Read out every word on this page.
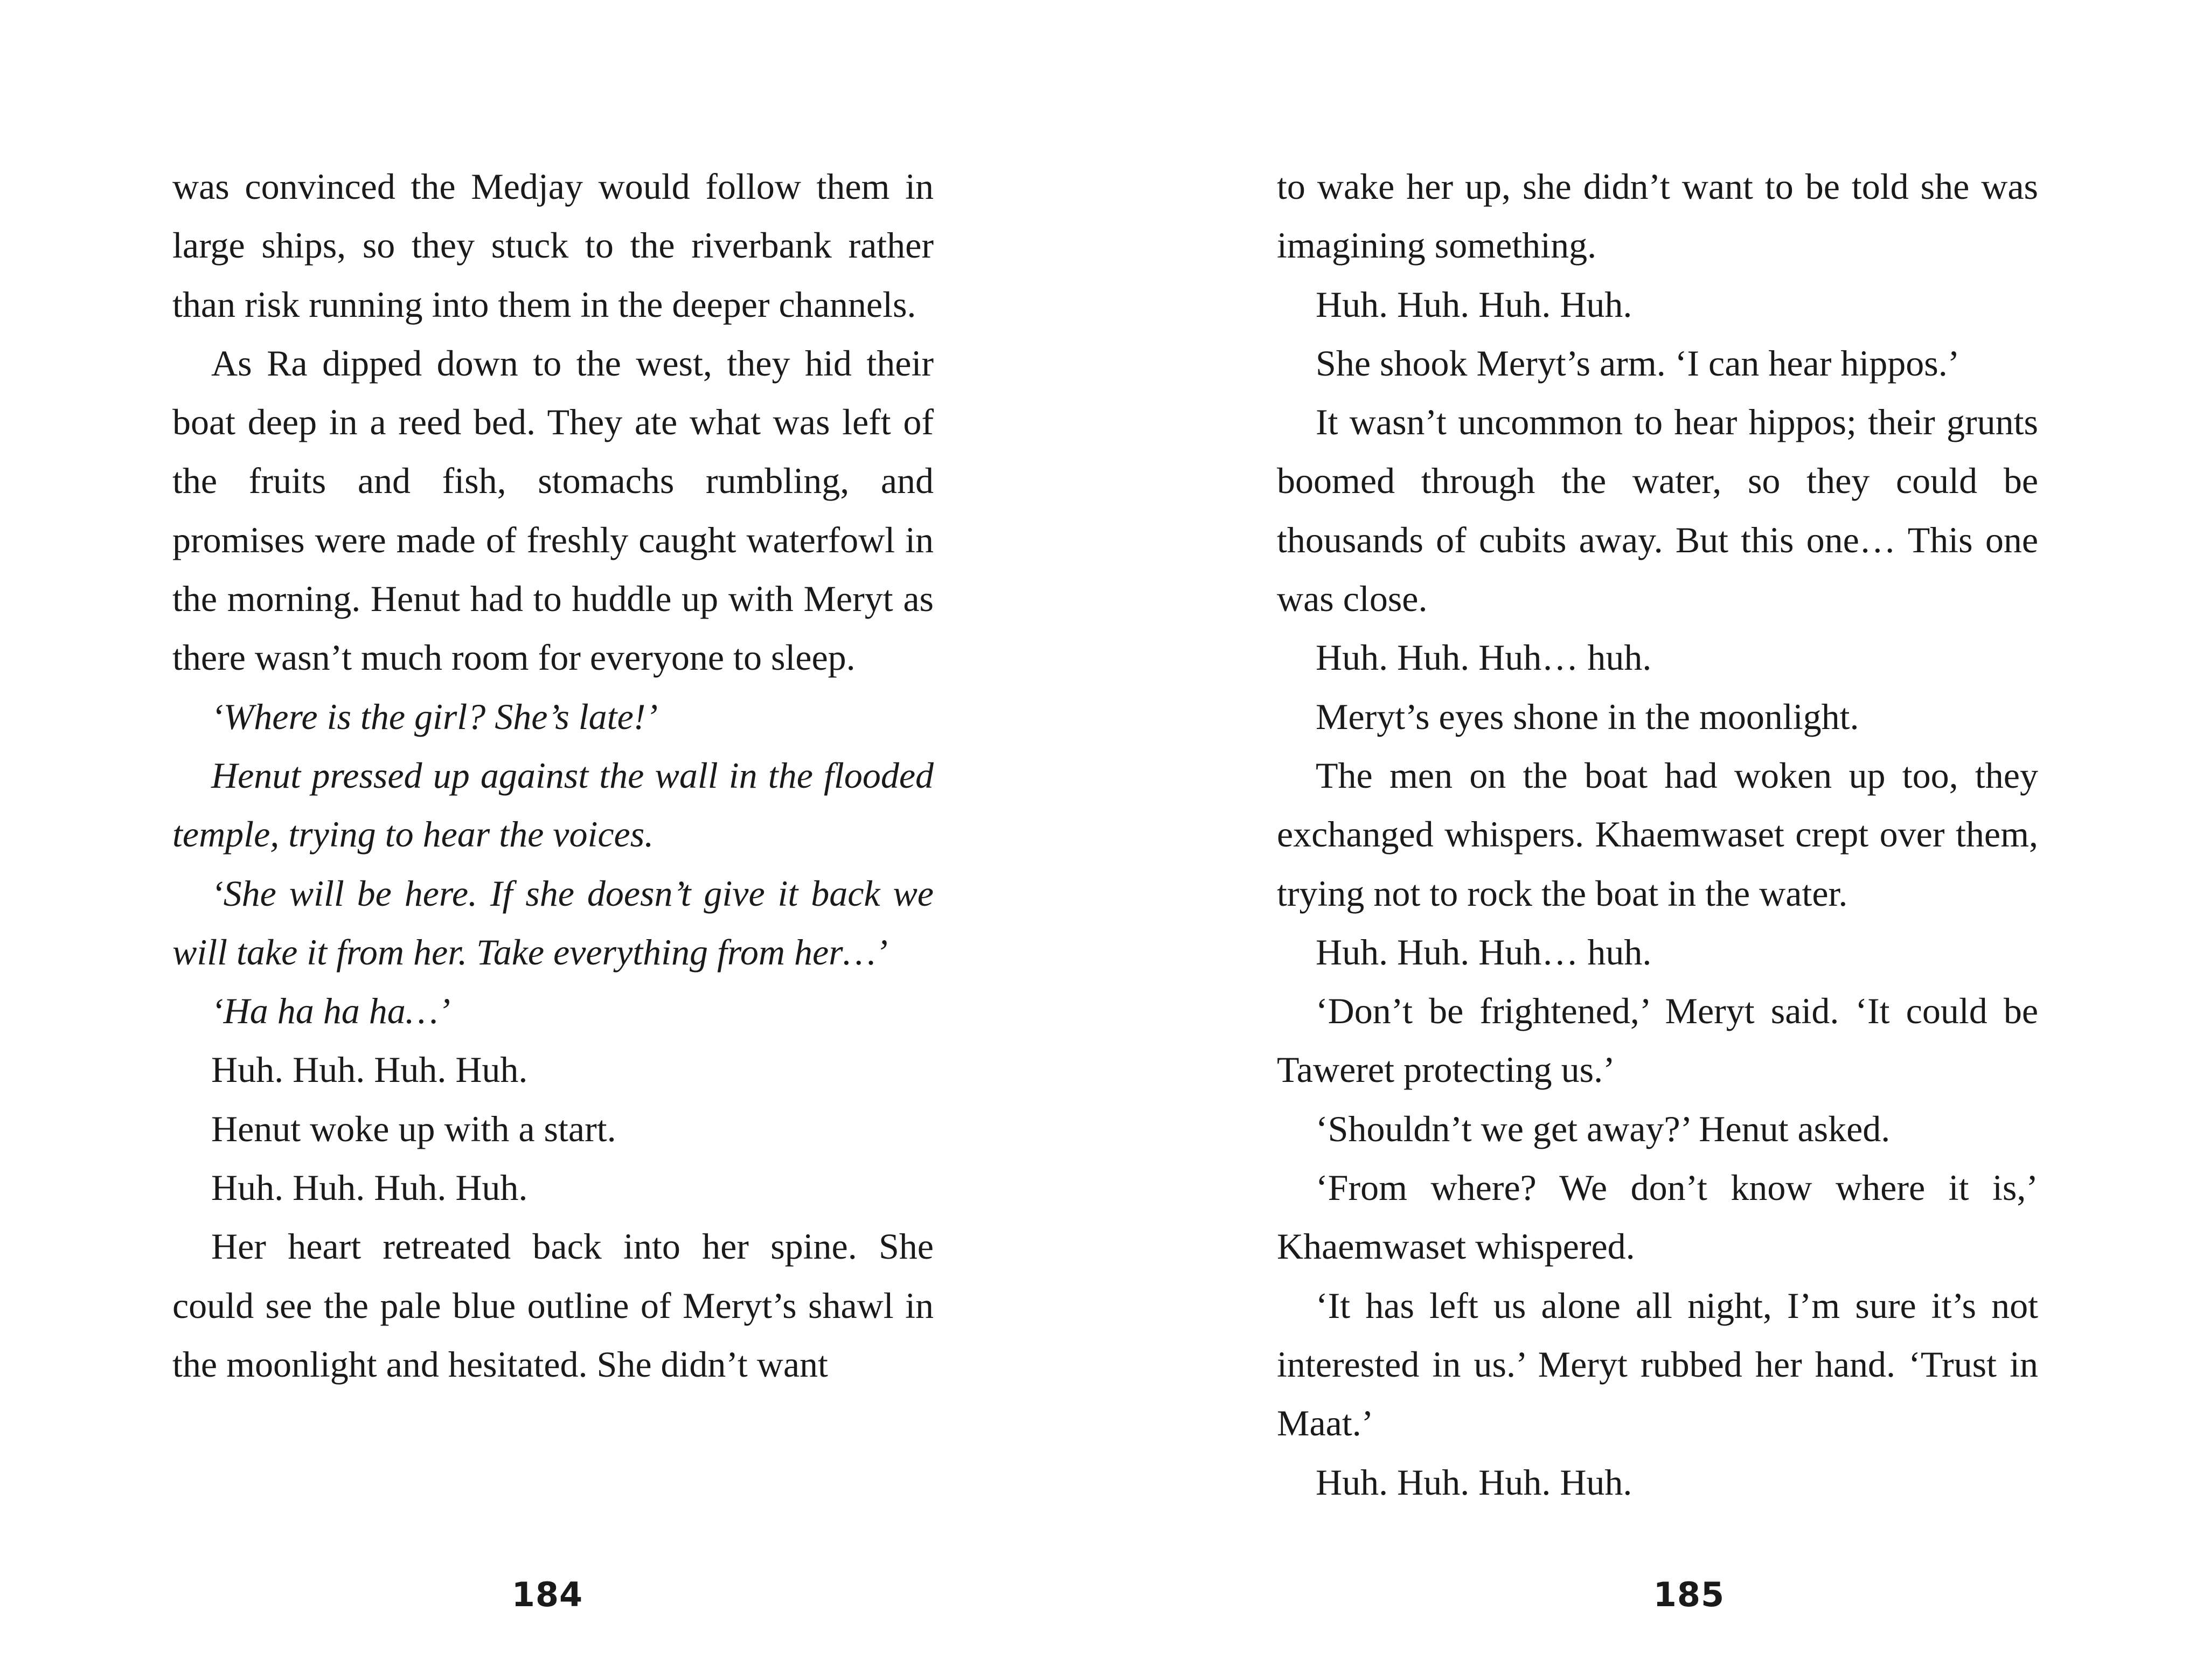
was convinced the Medjay would follow them in large ships, so they stuck to the riverbank rather than risk running into them in the deeper channels.

As Ra dipped down to the west, they hid their boat deep in a reed bed. They ate what was left of the fruits and fish, stomachs rumbling, and promises were made of freshly caught waterfowl in the morning. Henut had to huddle up with Meryt as there wasn’t much room for everyone to sleep.

‘Where is the girl? She’s late!’

Henut pressed up against the wall in the flooded temple, trying to hear the voices.

‘She will be here. If she doesn’t give it back we will take it from her. Take everything from her…’

‘Ha ha ha ha…’

Huh. Huh. Huh. Huh.

Henut woke up with a start.

Huh. Huh. Huh. Huh.

Her heart retreated back into her spine. She could see the pale blue outline of Meryt’s shawl in the moonlight and hesitated. She didn’t want

184

to wake her up, she didn’t want to be told she was imagining something.

Huh. Huh. Huh. Huh.

She shook Meryt’s arm. ‘I can hear hippos.’

It wasn’t uncommon to hear hippos; their grunts boomed through the water, so they could be thousands of cubits away. But this one… This one was close.

Huh. Huh. Huh… huh.

Meryt’s eyes shone in the moonlight.

The men on the boat had woken up too, they exchanged whispers. Khaemwaset crept over them, trying not to rock the boat in the water.

Huh. Huh. Huh… huh.

‘Don’t be frightened,’ Meryt said. ‘It could be Taweret protecting us.’

‘Shouldn’t we get away?’ Henut asked.

‘From where? We don’t know where it is,’ Khaemwaset whispered.

‘It has left us alone all night, I’m sure it’s not interested in us.’ Meryt rubbed her hand. ‘Trust in Maat.’

Huh. Huh. Huh. Huh.

185
